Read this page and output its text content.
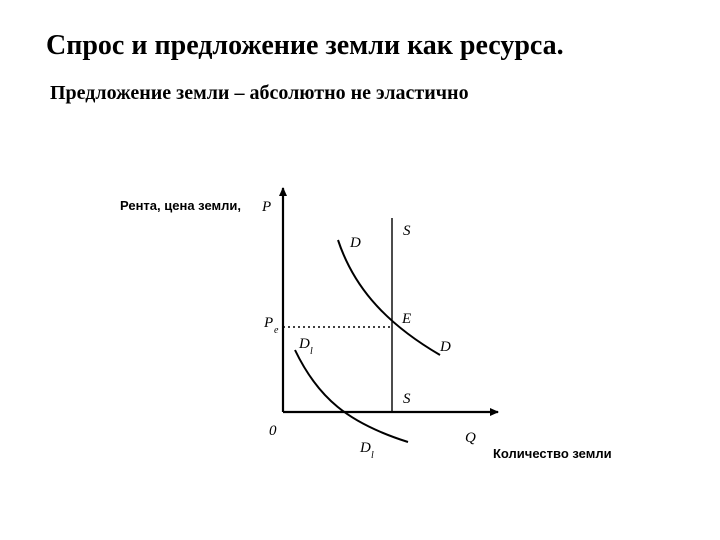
Спрос и предложение земли как ресурса.
Предложение земли – абсолютно не эластично
Рента, цена земли, P
Q
Количество земли
0
P e
E
S
S
D
D
D l
D l
